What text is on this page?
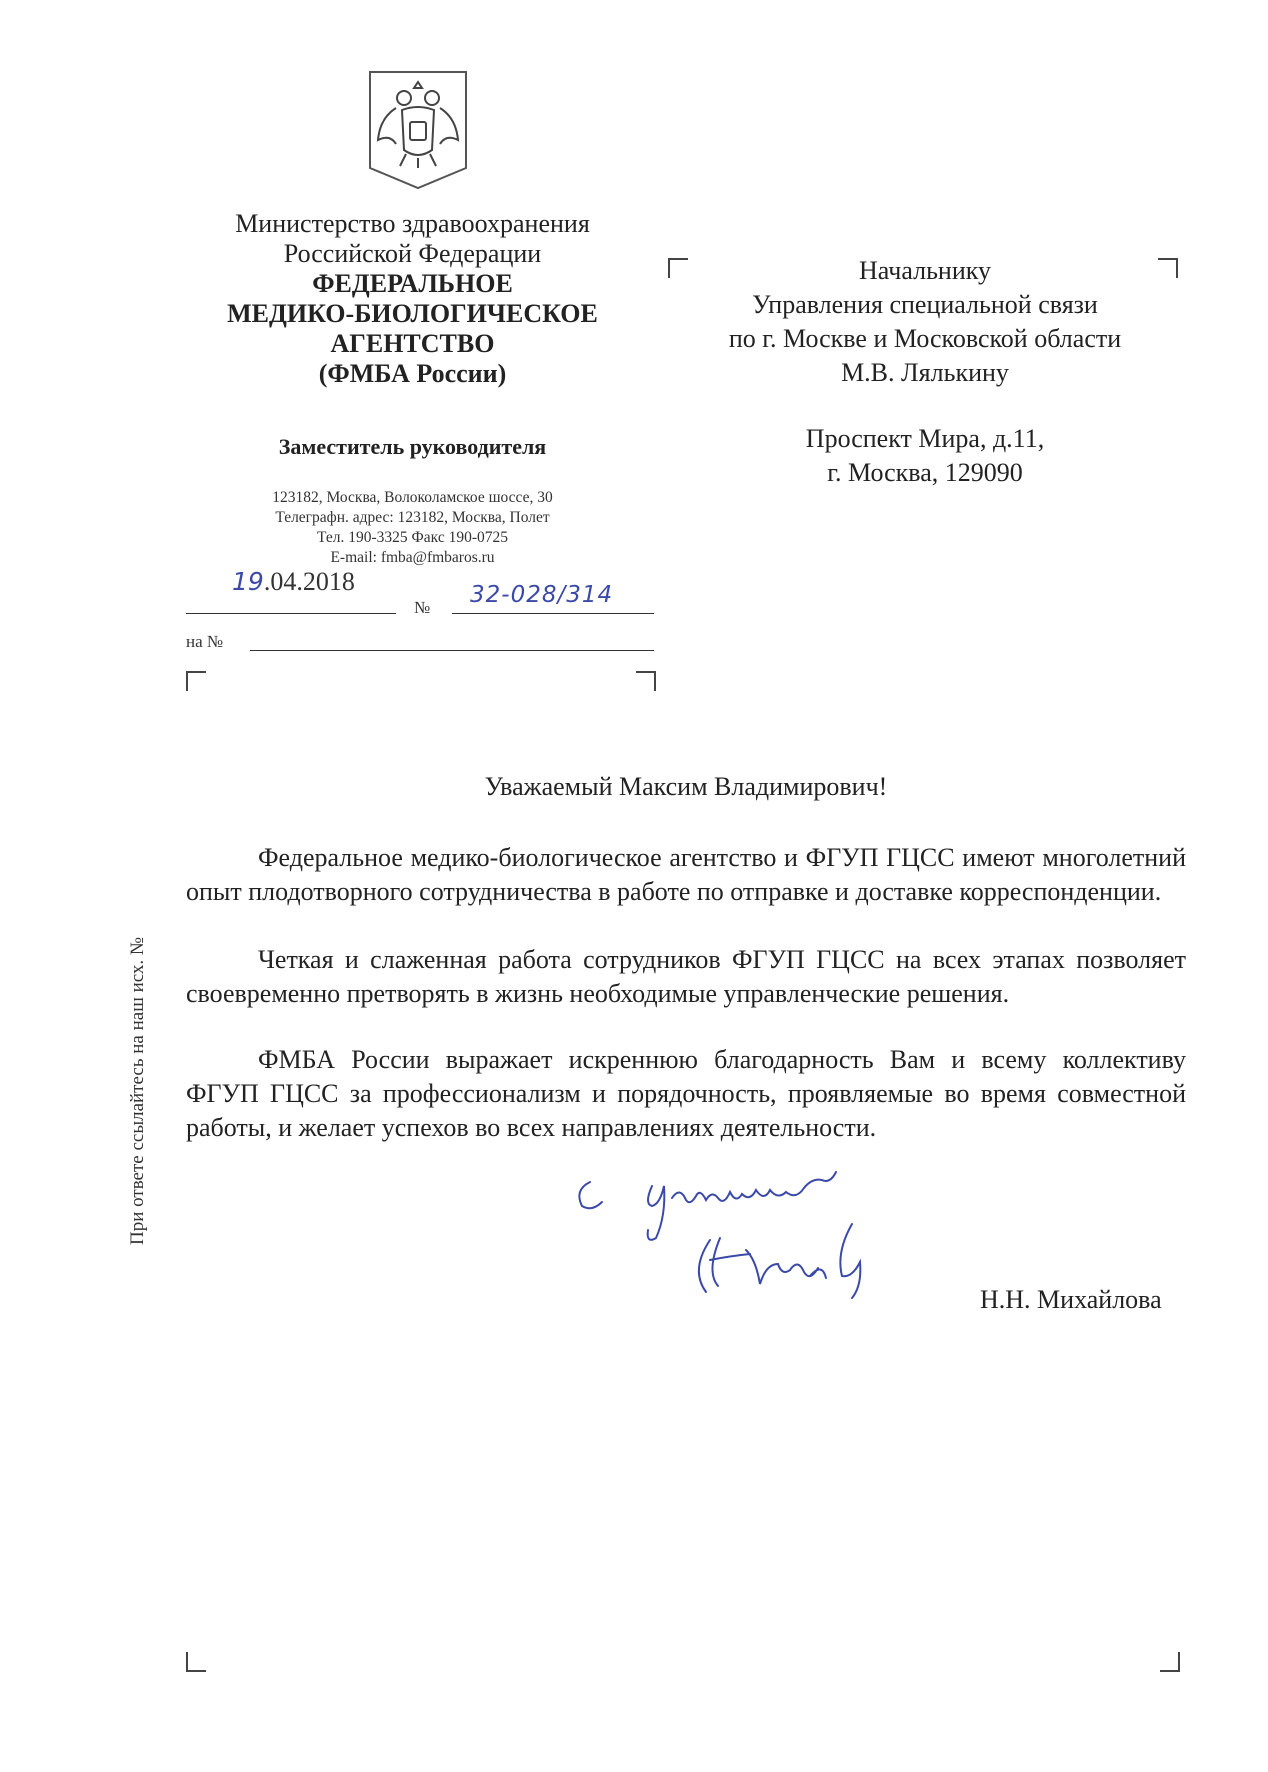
Министерство здравоохранения
Российской Федерации
ФЕДЕРАЛЬНОЕ
МЕДИКО-БИОЛОГИЧЕСКОЕ
АГЕНТСТВО
(ФМБА России)
Заместитель руководителя
123182, Москва, Волоколамское шоссе, 30
Телеграфн. адрес: 123182, Москва, Полет
Тел. 190-3325 Факс 190-0725
E-mail: fmba@fmbaros.ru
19.04.2018
№ 32-028/314
на №
Начальнику
Управления специальной связи
по г. Москве и Московской области
М.В. Лялькину
Проспект Мира, д.11,
г. Москва, 129090
Уважаемый Максим Владимирович!
Федеральное медико-биологическое агентство и ФГУП ГЦСС имеют многолетний опыт плодотворного сотрудничества в работе по отправке и доставке корреспонденции.
Четкая и слаженная работа сотрудников ФГУП ГЦСС на всех этапах позволяет своевременно претворять в жизнь необходимые управленческие решения.
ФМБА России выражает искреннюю благодарность Вам и всему коллективу ФГУП ГЦСС за профессионализм и порядочность, проявляемые во время совместной работы, и желает успехов во всех направлениях деятельности.
Н.Н. Михайлова
При ответе ссылайтесь на наш исх. №
